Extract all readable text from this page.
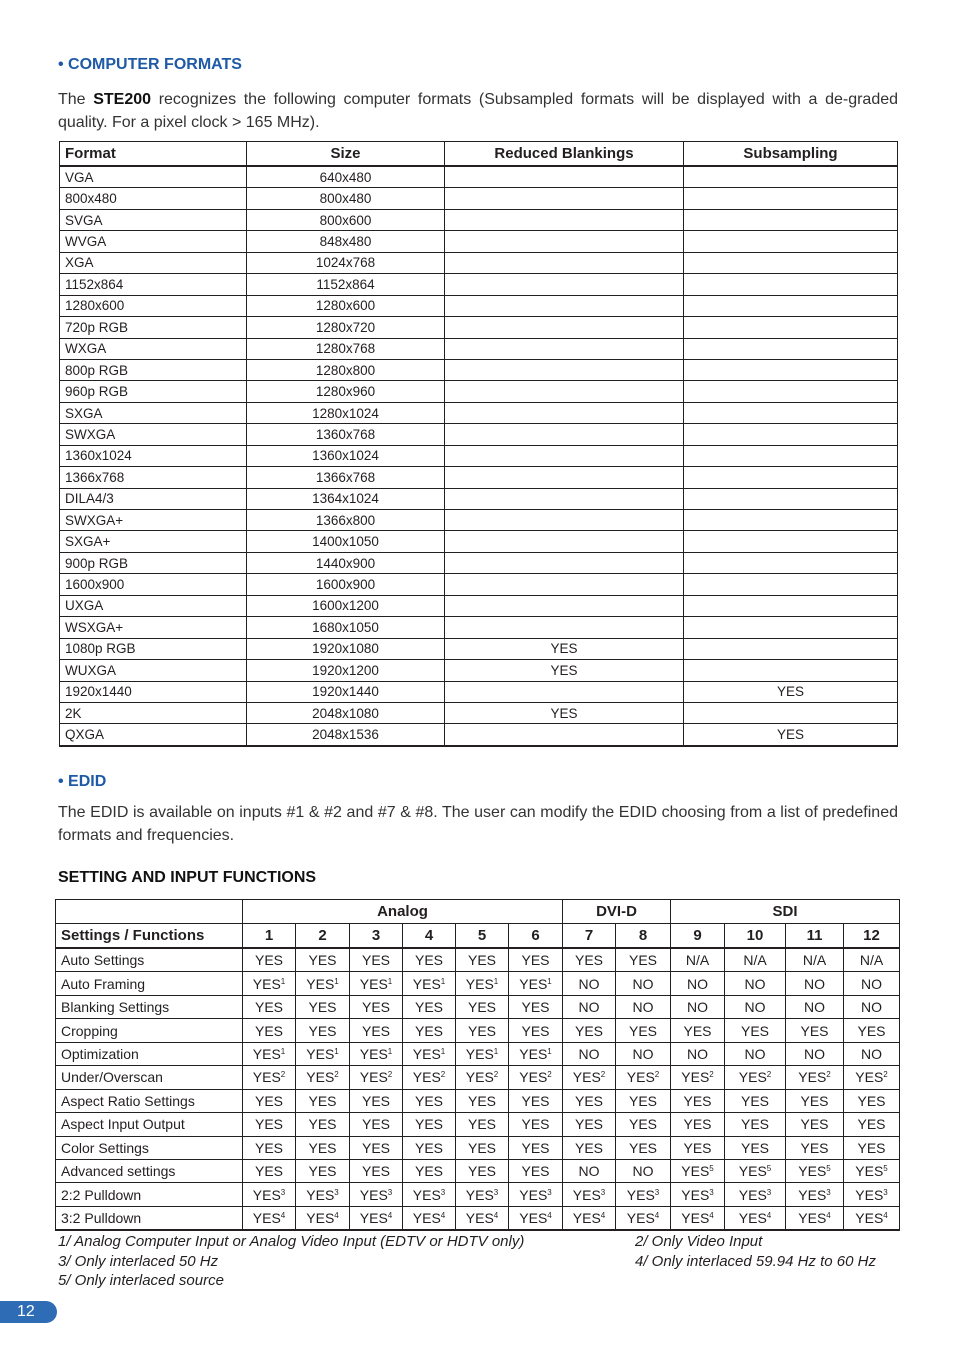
• COMPUTER FORMATS
The STE200 recognizes the following computer formats (Subsampled formats will be displayed with a de-graded quality. For a pixel clock > 165 MHz).
Format	Size	Reduced Blankings	Subsampling
VGA	640x480		
800x480	800x480		
SVGA	800x600		
WVGA	848x480		
XGA	1024x768		
1152x864	1152x864		
1280x600	1280x600		
720p RGB	1280x720		
WXGA	1280x768		
800p RGB	1280x800		
960p RGB	1280x960		
SXGA	1280x1024		
SWXGA	1360x768		
1360x1024	1360x1024		
1366x768	1366x768		
DILA4/3	1364x1024		
SWXGA+	1366x800		
SXGA+	1400x1050		
900p RGB	1440x900		
1600x900	1600x900		
UXGA	1600x1200		
WSXGA+	1680x1050		
1080p RGB	1920x1080	YES	
WUXGA	1920x1200	YES	
1920x1440	1920x1440		YES
2K	2048x1080	YES	
QXGA	2048x1536		YES
• EDID
The EDID is available on inputs #1 & #2 and #7 & #8. The user can modify the EDID choosing from a list of predefined formats and frequencies.
SETTING AND INPUT FUNCTIONS
	Analog						DVI-D		SDI			
Settings / Functions	1	2	3	4	5	6	7	8	9	10	11	12
Auto Settings	YES	YES	YES	YES	YES	YES	YES	YES	N/A	N/A	N/A	N/A
Auto Framing	YES$^1$	YES$^1$	YES$^1$	YES$^1$	YES$^1$	YES$^1$	NO	NO	NO	NO	NO	NO
Blanking Settings	YES	YES	YES	YES	YES	YES	NO	NO	NO	NO	NO	NO
Cropping	YES	YES	YES	YES	YES	YES	YES	YES	YES	YES	YES	YES
Optimization	YES$^1$	YES$^1$	YES$^1$	YES$^1$	YES$^1$	YES$^1$	NO	NO	NO	NO	NO	NO
Under/Overscan	YES$^2$	YES$^2$	YES$^2$	YES$^2$	YES$^2$	YES$^2$	YES$^2$	YES$^2$	YES$^2$	YES$^2$	YES$^2$	YES$^2$
Aspect Ratio Settings	YES	YES	YES	YES	YES	YES	YES	YES	YES	YES	YES	YES
Aspect Input Output	YES	YES	YES	YES	YES	YES	YES	YES	YES	YES	YES	YES
Color Settings	YES	YES	YES	YES	YES	YES	YES	YES	YES	YES	YES	YES
Advanced settings	YES	YES	YES	YES	YES	YES	NO	NO	YES$^5$	YES$^5$	YES$^5$	YES$^5$
2:2 Pulldown	YES$^3$	YES$^3$	YES$^3$	YES$^3$	YES$^3$	YES$^3$	YES$^3$	YES$^3$	YES$^3$	YES$^3$	YES$^3$	YES$^3$
3:2 Pulldown	YES$^4$	YES$^4$	YES$^4$	YES$^4$	YES$^4$	YES$^4$	YES$^4$	YES$^4$	YES$^4$	YES$^4$	YES$^4$	YES$^4$
1/ Analog Computer Input or Analog Video Input (EDTV or HDTV only)	2/ Only Video Input
3/ Only interlaced 50 Hz	4/ Only interlaced 59.94 Hz to 60 Hz
5/ Only interlaced source
12
